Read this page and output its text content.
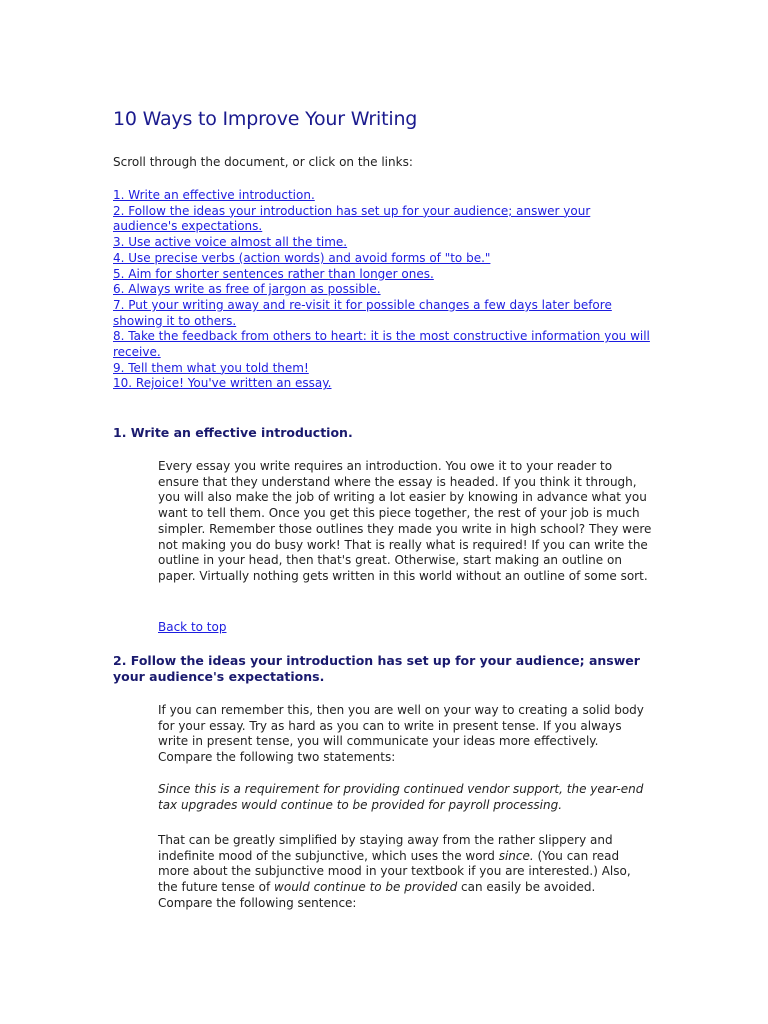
10 Ways to Improve Your Writing

Scroll through the document, or click on the links:

1. Write an effective introduction.
2. Follow the ideas your introduction has set up for your audience; answer your audience's expectations.
3. Use active voice almost all the time.
4. Use precise verbs (action words) and avoid forms of "to be."
5. Aim for shorter sentences rather than longer ones.
6. Always write as free of jargon as possible.
7. Put your writing away and re-visit it for possible changes a few days later before showing it to others.
8. Take the feedback from others to heart: it is the most constructive information you will receive.
9. Tell them what you told them!
10. Rejoice! You've written an essay.
1. Write an effective introduction.

Every essay you write requires an introduction. You owe it to your reader to ensure that they understand where the essay is headed. If you think it through, you will also make the job of writing a lot easier by knowing in advance what you want to tell them. Once you get this piece together, the rest of your job is much simpler. Remember those outlines they made you write in high school? They were not making you do busy work! That is really what is required! If you can write the outline in your head, then that's great. Otherwise, start making an outline on paper. Virtually nothing gets written in this world without an outline of some sort.

Back to top
2. Follow the ideas your introduction has set up for your audience; answer your audience's expectations.

If you can remember this, then you are well on your way to creating a solid body for your essay. Try as hard as you can to write in present tense. If you always write in present tense, you will communicate your ideas more effectively. Compare the following two statements:

Since this is a requirement for providing continued vendor support, the year-end tax upgrades would continue to be provided for payroll processing.

That can be greatly simplified by staying away from the rather slippery and indefinite mood of the subjunctive, which uses the word since. (You can read more about the subjunctive mood in your textbook if you are interested.) Also, the future tense of would continue to be provided can easily be avoided. Compare the following sentence:
